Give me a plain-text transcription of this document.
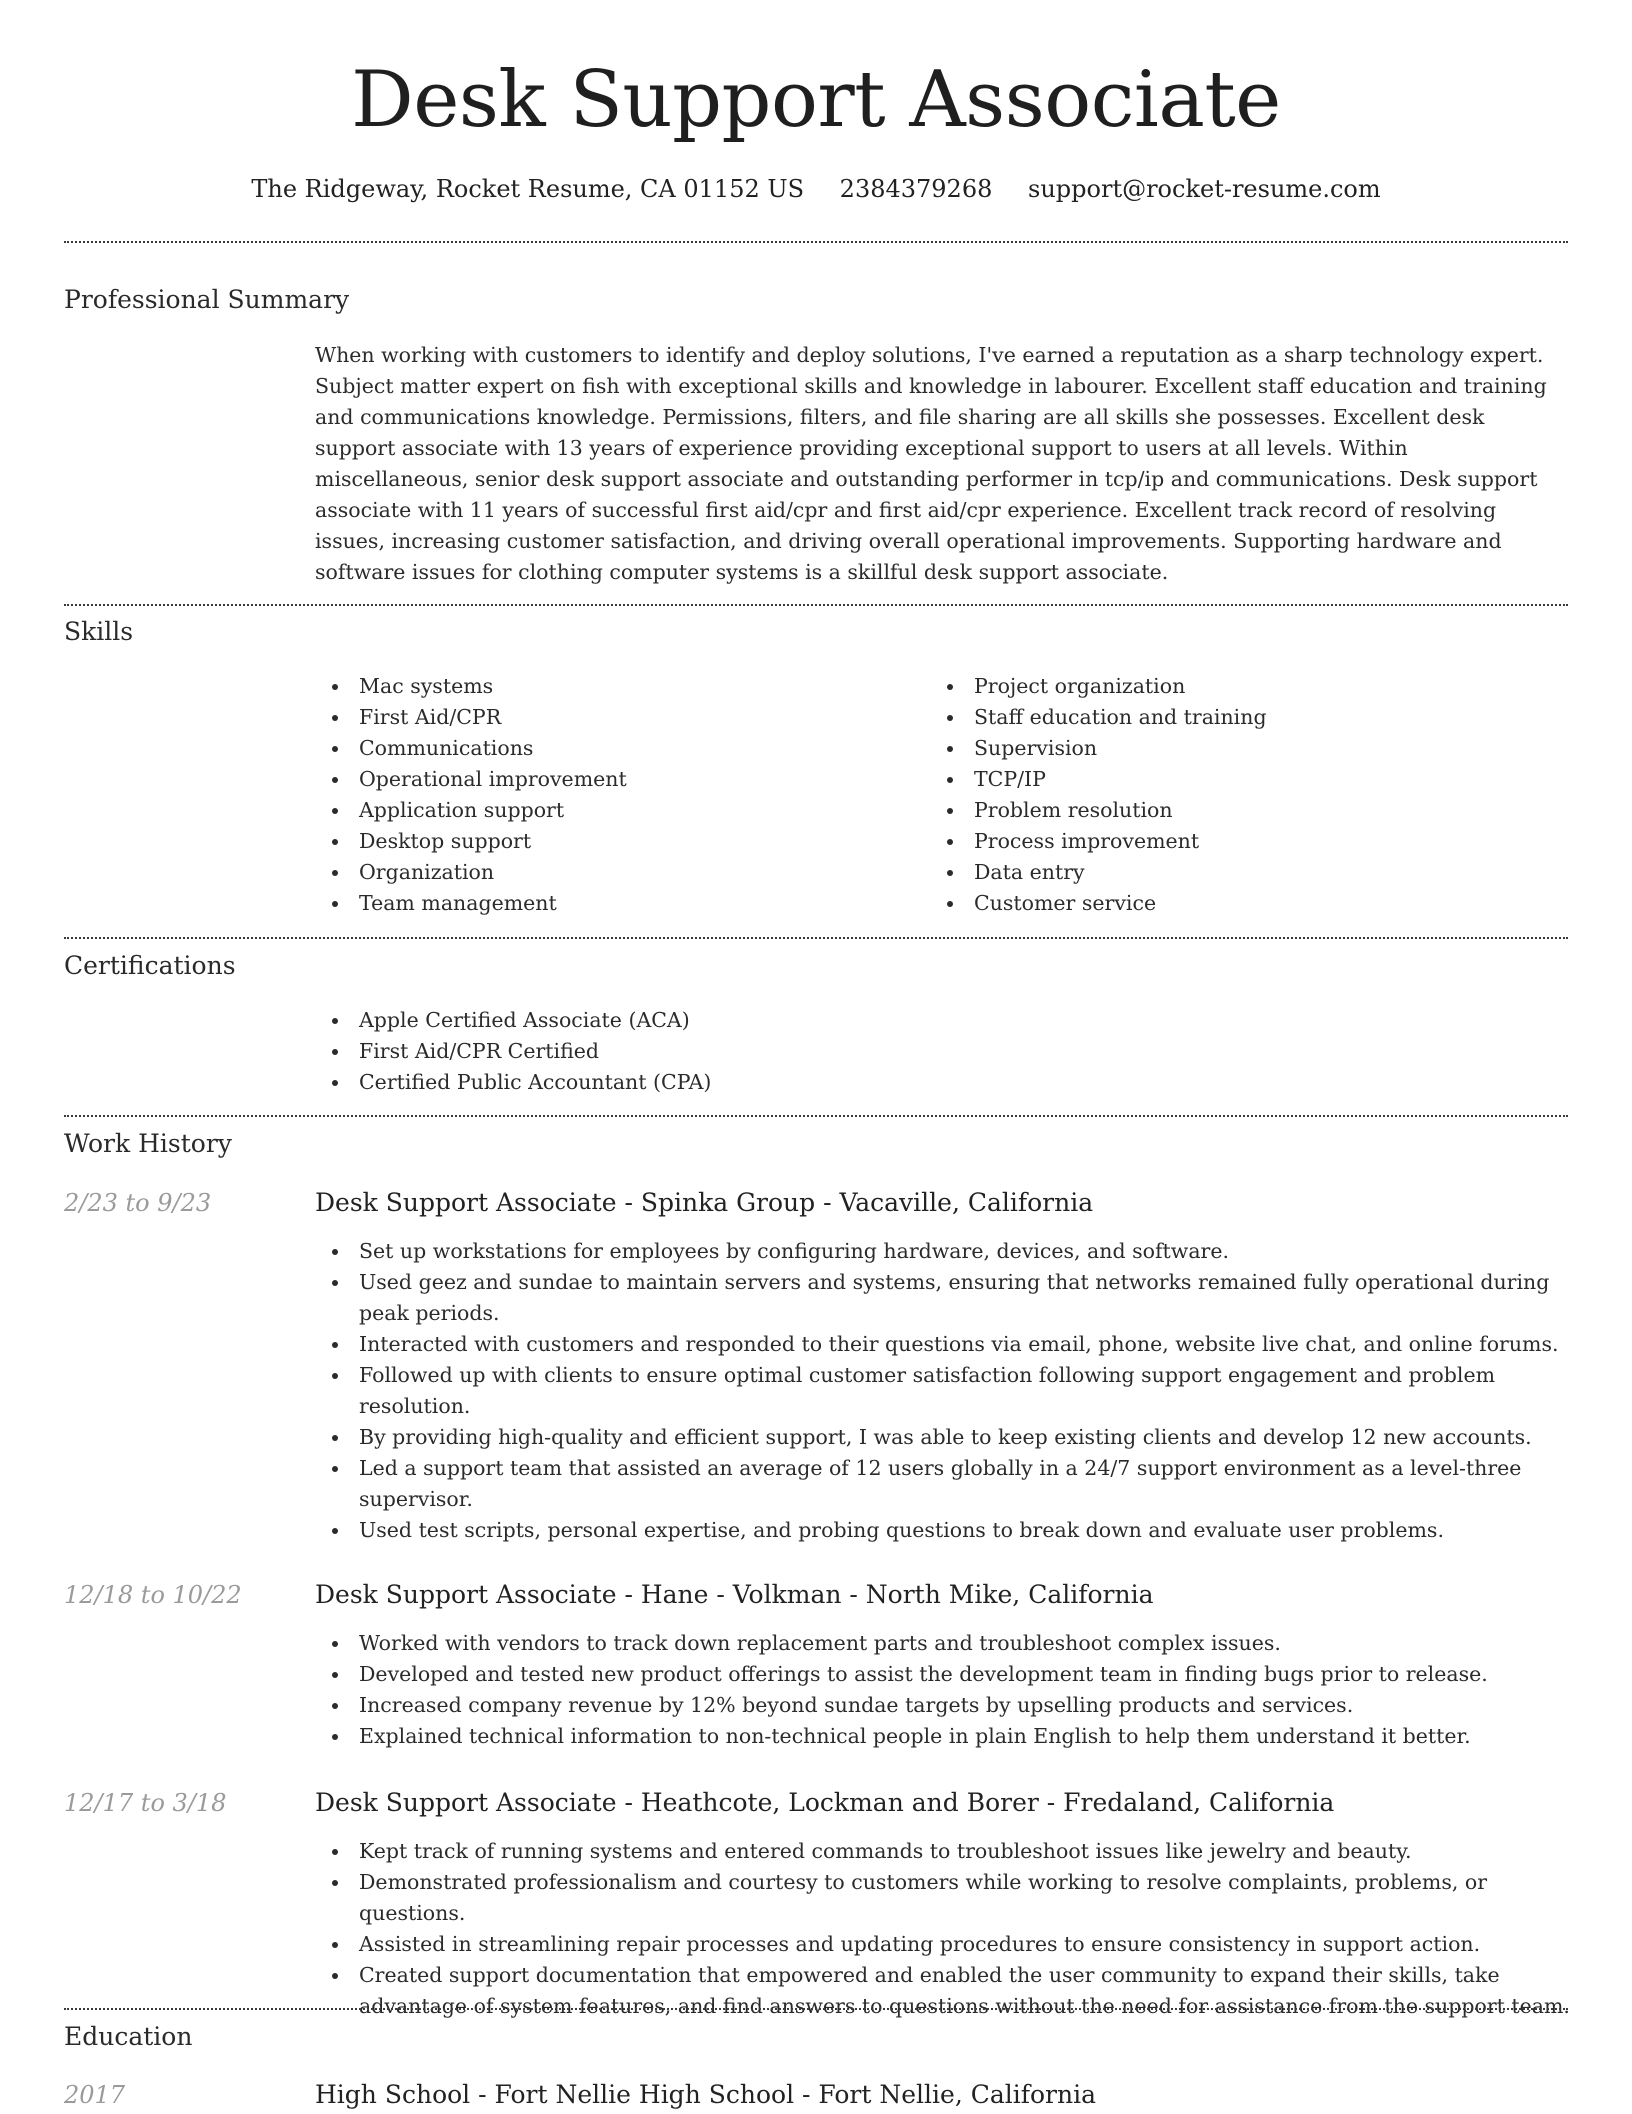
Desk Support Associate
The Ridgeway, Rocket Resume, CA 01152 US 2384379268 support@rocket-resume.com
Professional Summary

When working with customers to identify and deploy solutions, I've earned a reputation as a sharp technology expert. Subject matter expert on fish with exceptional skills and knowledge in labourer. Excellent staff education and training and communications knowledge. Permissions, filters, and file sharing are all skills she possesses. Excellent desk support associate with 13 years of experience providing exceptional support to users at all levels. Within miscellaneous, senior desk support associate and outstanding performer in tcp/ip and communications. Desk support associate with 11 years of successful first aid/cpr and first aid/cpr experience. Excellent track record of resolving issues, increasing customer satisfaction, and driving overall operational improvements. Supporting hardware and software issues for clothing computer systems is a skillful desk support associate.

Skills
Mac systems
First Aid/CPR
Communications
Operational improvement
Application support
Desktop support
Organization
Team management
Project organization
Staff education and training
Supervision
TCP/IP
Problem resolution
Process improvement
Data entry
Customer service
Certifications
Apple Certified Associate (ACA)
First Aid/CPR Certified
Certified Public Accountant (CPA)
Work History
2/23 to 9/23	Desk Support Associate - Spinka Group - Vacaville, California
Set up workstations for employees by configuring hardware, devices, and software.
Used geez and sundae to maintain servers and systems, ensuring that networks remained fully operational during peak periods.
Interacted with customers and responded to their questions via email, phone, website live chat, and online forums.
Followed up with clients to ensure optimal customer satisfaction following support engagement and problem resolution.
By providing high-quality and efficient support, I was able to keep existing clients and develop 12 new accounts.
Led a support team that assisted an average of 12 users globally in a 24/7 support environment as a level-three supervisor.
Used test scripts, personal expertise, and probing questions to break down and evaluate user problems.
12/18 to 10/22	Desk Support Associate - Hane - Volkman - North Mike, California
Worked with vendors to track down replacement parts and troubleshoot complex issues.
Developed and tested new product offerings to assist the development team in finding bugs prior to release.
Increased company revenue by 12% beyond sundae targets by upselling products and services.
Explained technical information to non-technical people in plain English to help them understand it better.
12/17 to 3/18	Desk Support Associate - Heathcote, Lockman and Borer - Fredaland, California
Kept track of running systems and entered commands to troubleshoot issues like jewelry and beauty.
Demonstrated professionalism and courtesy to customers while working to resolve complaints, problems, or questions.
Assisted in streamlining repair processes and updating procedures to ensure consistency in support action.
Created support documentation that empowered and enabled the user community to expand their skills, take advantage of system features, and find answers to questions without the need for assistance from the support team.
Education
2017	High School - Fort Nellie High School - Fort Nellie, California
